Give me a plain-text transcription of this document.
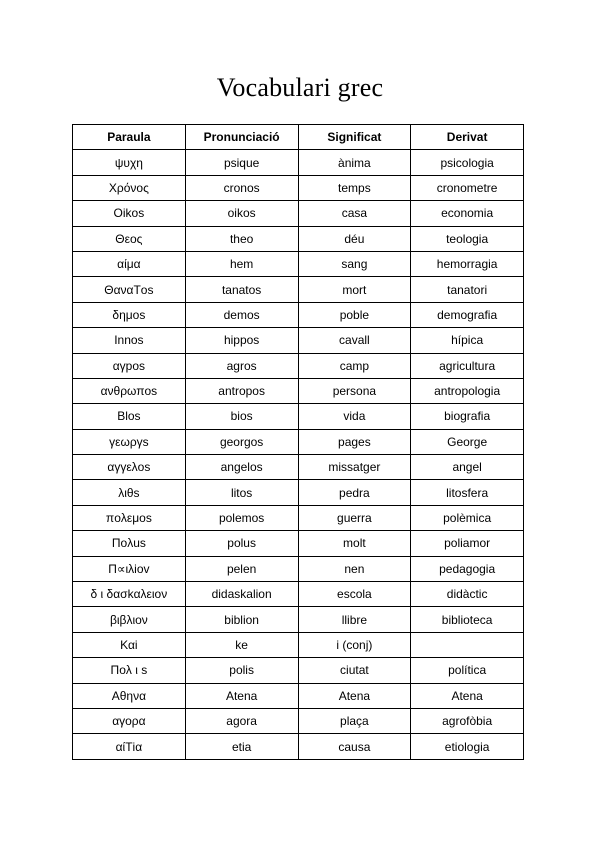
Vocabulari grec
Paraula	Pronunciació	Significat	Derivat
ψυχη	psique	ànima	psicologia
Χρόνος	cronos	temps	cronometre
Oikos	oikos	casa	economia
Θεος	theo	déu	teologia
αίμα	hem	sang	hemorragia
ΘαναΤos	tanatos	mort	tanatori
δημos	demos	poble	demografia
Innos	hippos	cavall	hípica
αγpos	agros	camp	agricultura
ανθρωπos	antropos	persona	antropologia
Blos	bios	vida	biografia
γεωργs	georgos	pages	George
αγγελos	angelos	missatger	angel
λιθs	litos	pedra	litosfera
πoλεμos	polemos	guerra	polèmica
Πoλus	polus	molt	poliamor
Π∝ιλiov	pelen	nen	pedagogia
δ ι δασkαλειον	didaskalion	escola	didàctic
βιβλιον	biblion	llibre	biblioteca
Καi	ke	i (conj)	
Πoλ ι s	polis	ciutat	política
Αθηνα	Atena	Atena	Atena
αγορα	agora	plaça	agrofòbia
αίΤiα	etia	causa	etiologia
